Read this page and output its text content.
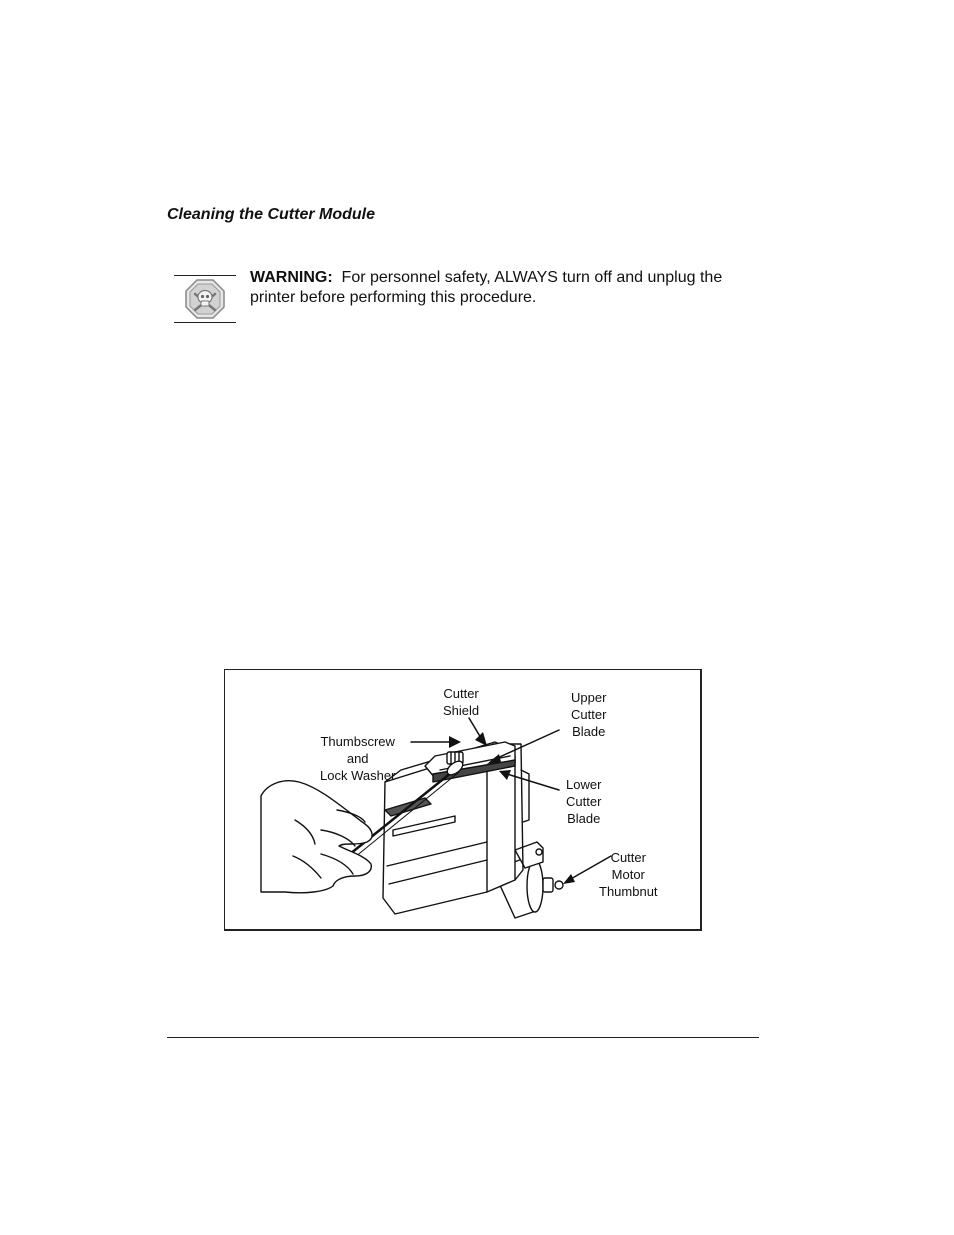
Cleaning the Cutter Module

WARNING: For personnel safety, ALWAYS turn off and unplug the printer before performing this procedure.

Cutter
Shield
Thumbscrew
and
Lock Washer
Upper
Cutter
Blade
Lower
Cutter
Blade
Cutter
Motor
Thumbnut
